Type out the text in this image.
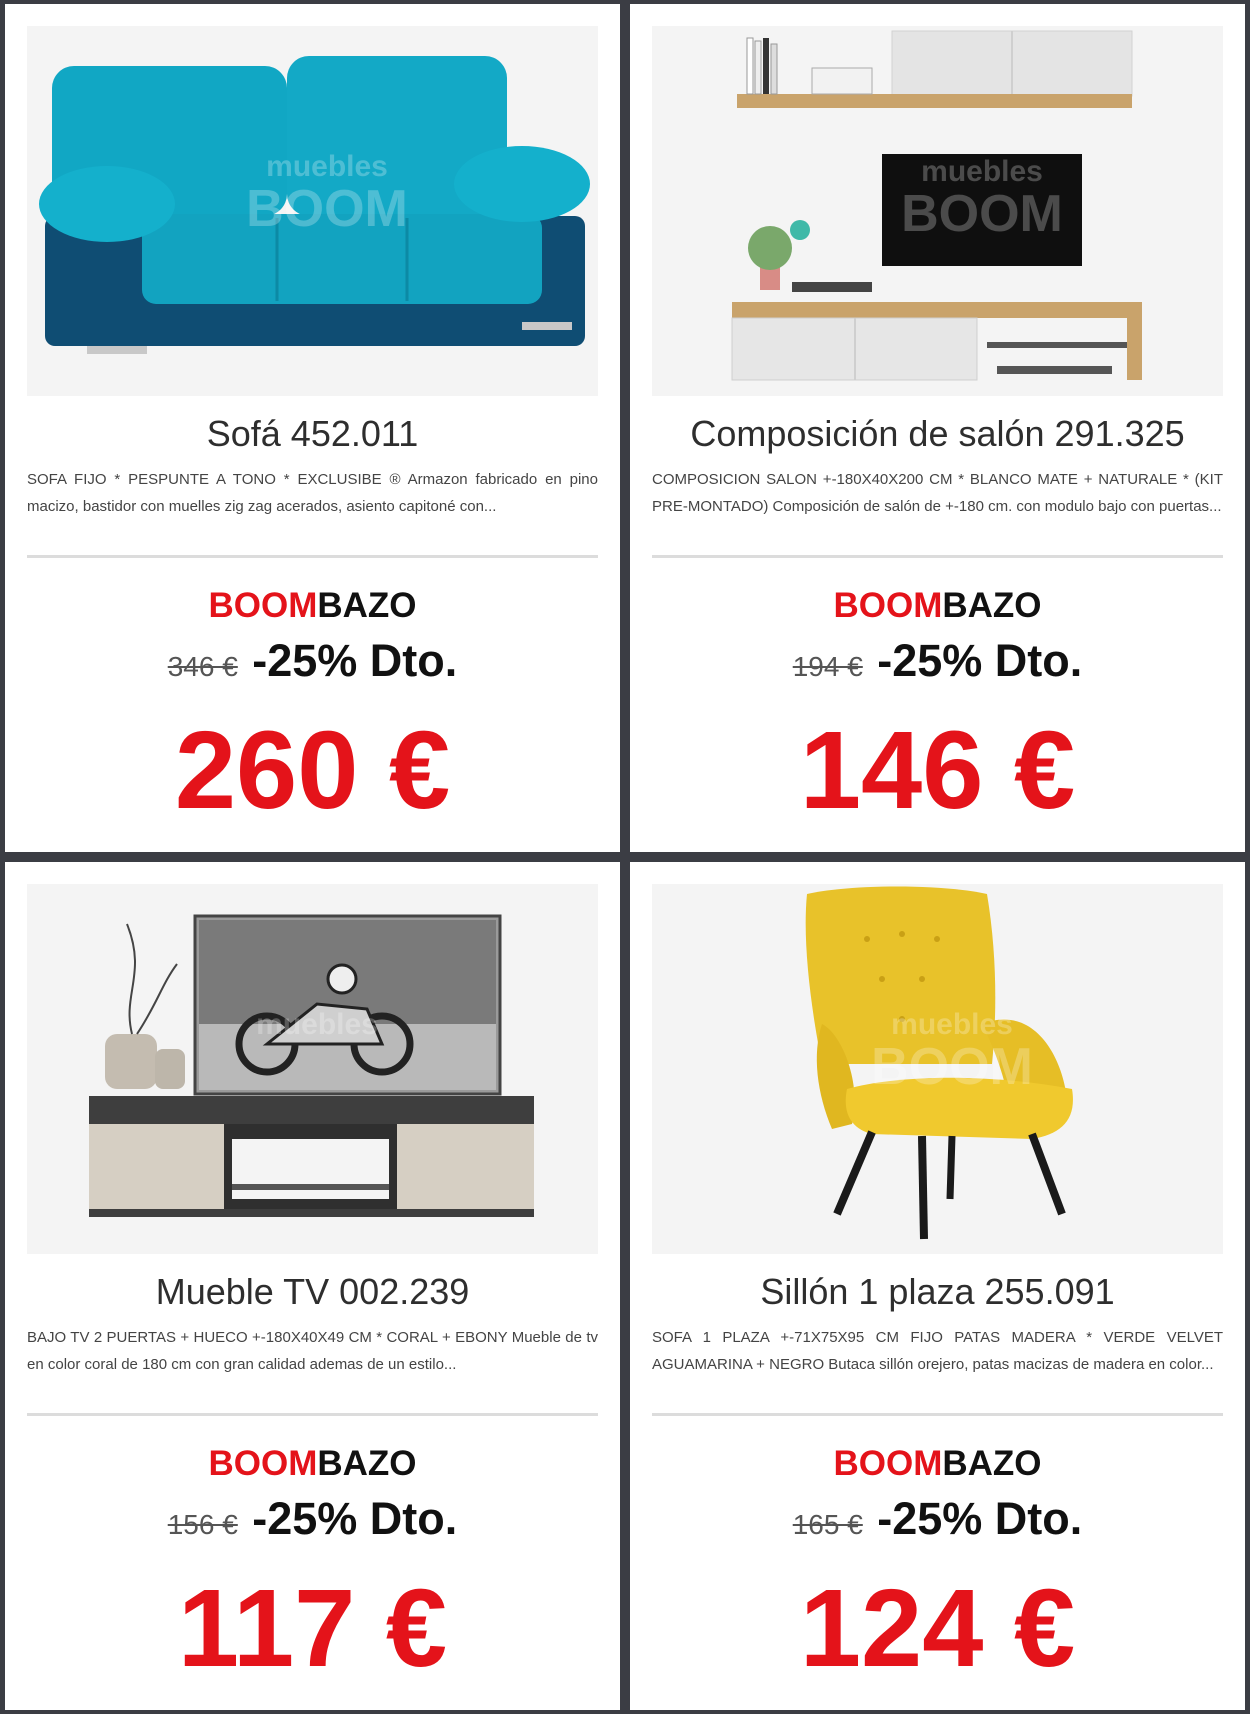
muebles
BOOM
Sofá 452.011
SOFA FIJO * PESPUNTE A TONO * EXCLUSIBE ® Armazon fabricado en pino macizo, bastidor con muelles zig zag acerados, asiento capitoné con...
BOOMBAZO
346 € -25% Dto.
260 €
muebles
BOOM
Composición de salón 291.325
COMPOSICION SALON +-180X40X200 CM * BLANCO MATE + NATURALE * (KIT PRE-MONTADO) Composición de salón de +-180 cm. con modulo bajo con puertas...
BOOMBAZO
194 € -25% Dto.
146 €
muebles
Mueble TV 002.239
BAJO TV 2 PUERTAS + HUECO +-180X40X49 CM * CORAL + EBONY Mueble de tv en color coral de 180 cm con gran calidad ademas de un estilo...
BOOMBAZO
156 € -25% Dto.
117 €
muebles
BOOM
Sillón 1 plaza 255.091
SOFA 1 PLAZA +-71X75X95 CM FIJO PATAS MADERA * VERDE VELVET AGUAMARINA + NEGRO Butaca sillón orejero, patas macizas de madera en color...
BOOMBAZO
165 € -25% Dto.
124 €
